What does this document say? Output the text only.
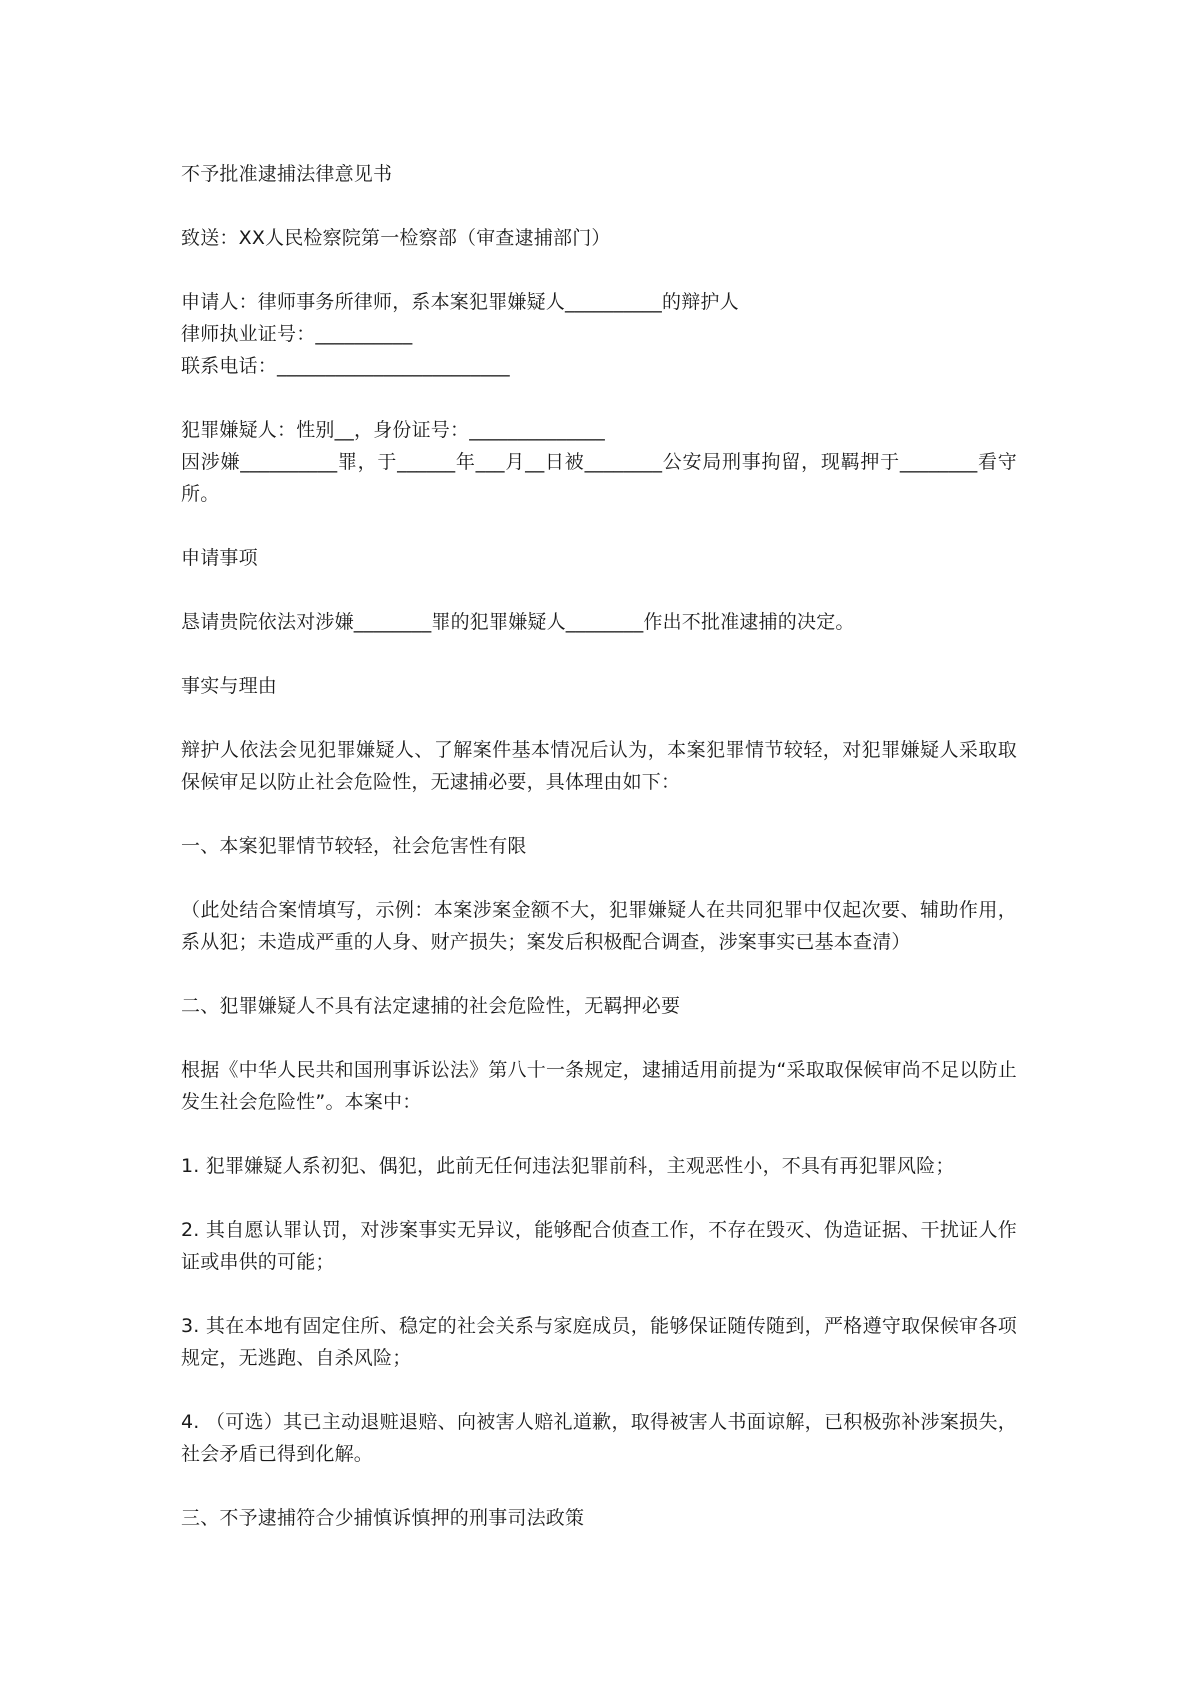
不予批准逮捕法律意见书

致送：XX人民检察院第一检察部（审查逮捕部门）

申请人：律师事务所律师，系本案犯罪嫌疑人__________的辩护人

律师执业证号：__________

联系电话：________________________

犯罪嫌疑人：性别__，身份证号：______________

因涉嫌__________罪，于______年___月__日被________公安局刑事拘留，现羁押于________看守所。

申请事项

恳请贵院依法对涉嫌________罪的犯罪嫌疑人________作出不批准逮捕的决定。

事实与理由

辩护人依法会见犯罪嫌疑人、了解案件基本情况后认为，本案犯罪情节较轻，对犯罪嫌疑人采取取保候审足以防止社会危险性，无逮捕必要，具体理由如下：

一、本案犯罪情节较轻，社会危害性有限

（此处结合案情填写，示例：本案涉案金额不大，犯罪嫌疑人在共同犯罪中仅起次要、辅助作用，系从犯；未造成严重的人身、财产损失；案发后积极配合调查，涉案事实已基本查清）

二、犯罪嫌疑人不具有法定逮捕的社会危险性，无羁押必要

根据《中华人民共和国刑事诉讼法》第八十一条规定，逮捕适用前提为“采取取保候审尚不足以防止发生社会危险性”。本案中：

1. 犯罪嫌疑人系初犯、偶犯，此前无任何违法犯罪前科，主观恶性小，不具有再犯罪风险；

2. 其自愿认罪认罚，对涉案事实无异议，能够配合侦查工作，不存在毁灭、伪造证据、干扰证人作证或串供的可能；

3. 其在本地有固定住所、稳定的社会关系与家庭成员，能够保证随传随到，严格遵守取保候审各项规定，无逃跑、自杀风险；

4. （可选）其已主动退赃退赔、向被害人赔礼道歉，取得被害人书面谅解，已积极弥补涉案损失，社会矛盾已得到化解。

三、不予逮捕符合少捕慎诉慎押的刑事司法政策
